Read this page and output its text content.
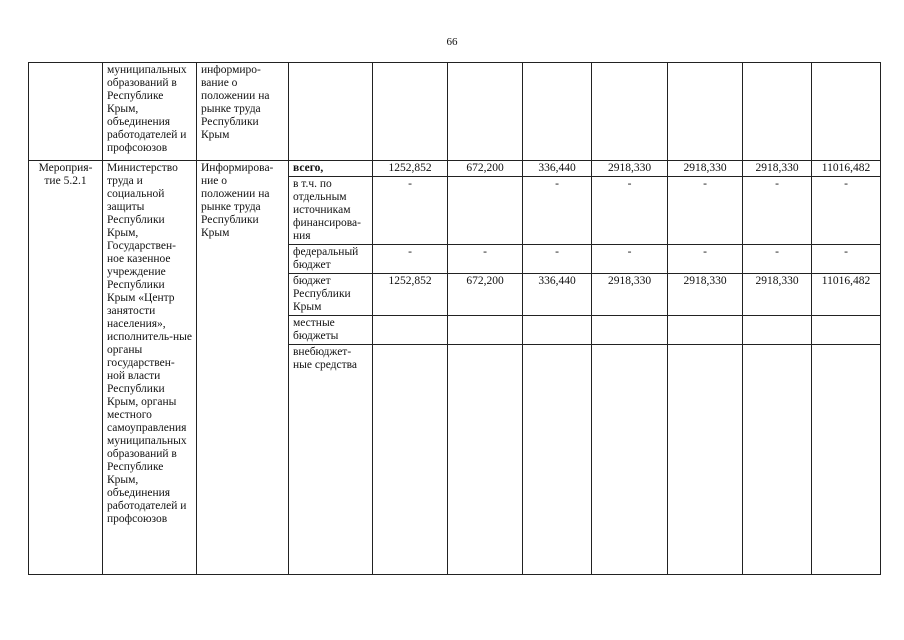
66
	муниципальных образований в Республике Крым, объединения работодателей и профсоюзов	информиро-вание о положении на рынке труда Республики Крым								
Мероприя-тие 5.2.1	Министерство труда и социальной защиты Республики Крым, Государствен-ное казенное учреждение Республики Крым «Центр занятости населения», исполнитель-ные органы государствен-ной власти Республики Крым, органы местного самоуправления муниципальных образований в Республике Крым, объединения работодателей и профсоюзов	Информирова-ние о положении на рынке труда Республики Крым	всего,	1252,852	672,200	336,440	2918,330	2918,330	2918,330	11016,482
			в т.ч. по отдельным источникам финансирова-ния	-		-	-	-	-	-
			федеральный бюджет	-	-	-	-	-	-	-
			бюджет Республики Крым	1252,852	672,200	336,440	2918,330	2918,330	2918,330	11016,482
			местные бюджеты							
			внебюджет-ные средства							
